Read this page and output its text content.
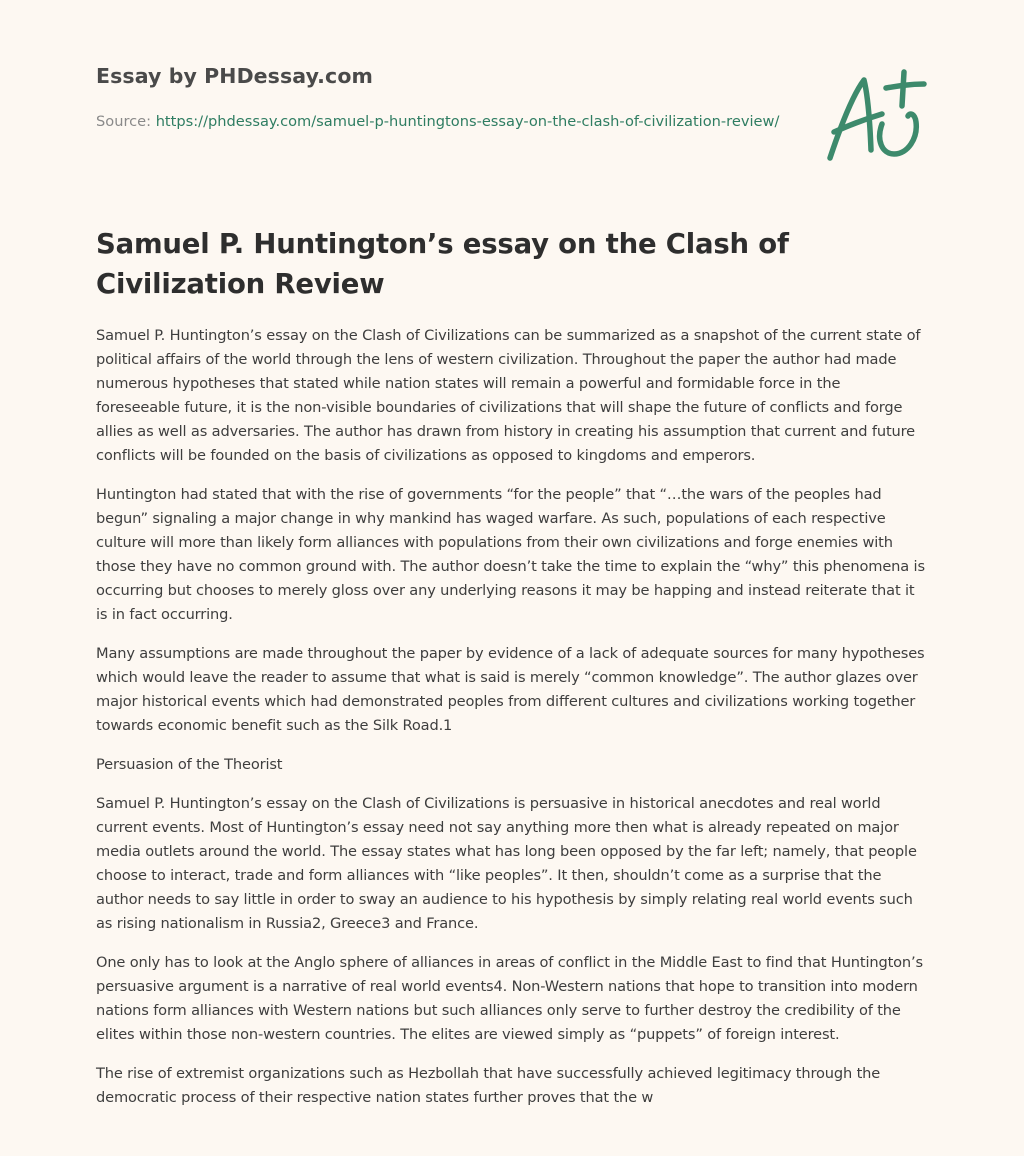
Essay by PHDessay.com
Source: https://phdessay.com/samuel-p-huntingtons-essay-on-the-clash-of-civilization-review/
Samuel P. Huntington’s essay on the Clash of Civilization Review

Samuel P. Huntington’s essay on the Clash of Civilizations can be summarized as a snapshot of the current state of political affairs of the world through the lens of western civilization. Throughout the paper the author had made numerous hypotheses that stated while nation states will remain a powerful and formidable force in the foreseeable future, it is the non-visible boundaries of civilizations that will shape the future of conflicts and forge allies as well as adversaries. The author has drawn from history in creating his assumption that current and future conflicts will be founded on the basis of civilizations as opposed to kingdoms and emperors.

Huntington had stated that with the rise of governments “for the people” that “…the wars of the peoples had begun” signaling a major change in why mankind has waged warfare. As such, populations of each respective culture will more than likely form alliances with populations from their own civilizations and forge enemies with those they have no common ground with. The author doesn’t take the time to explain the “why” this phenomena is occurring but chooses to merely gloss over any underlying reasons it may be happing and instead reiterate that it is in fact occurring.

Many assumptions are made throughout the paper by evidence of a lack of adequate sources for many hypotheses which would leave the reader to assume that what is said is merely “common knowledge”. The author glazes over major historical events which had demonstrated peoples from different cultures and civilizations working together towards economic benefit such as the Silk Road.1

Persuasion of the Theorist

Samuel P. Huntington’s essay on the Clash of Civilizations is persuasive in historical anecdotes and real world current events. Most of Huntington’s essay need not say anything more then what is already repeated on major media outlets around the world. The essay states what has long been opposed by the far left; namely, that people choose to interact, trade and form alliances with “like peoples”. It then, shouldn’t come as a surprise that the author needs to say little in order to sway an audience to his hypothesis by simply relating real world events such as rising nationalism in Russia2, Greece3 and France.

One only has to look at the Anglo sphere of alliances in areas of conflict in the Middle East to find that Huntington’s persuasive argument is a narrative of real world events4. Non-Western nations that hope to transition into modern nations form alliances with Western nations but such alliances only serve to further destroy the credibility of the elites within those non-western countries. The elites are viewed simply as “puppets” of foreign interest.

The rise of extremist organizations such as Hezbollah that have successfully achieved legitimacy through the democratic process of their respective nation states further proves that the w
